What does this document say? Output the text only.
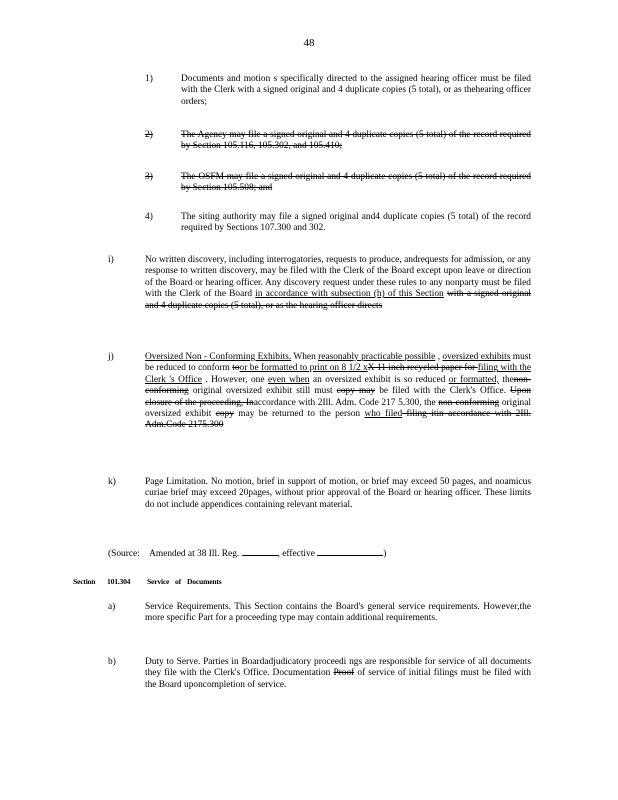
48
1)	Documents and motion s specifically directed to the assigned hearing officer must be filed with the Clerk with a signed original and 4 duplicate copies (5 total), or as thehearing officer orders;
2)	The Agency may file a signed original and 4 duplicate copies (5 total) of the record required by Section 105.116, 105.302, and 105.410;
3)	The OSFM may file a signed original and 4 duplicate copies (5 total) of the record required by Section 105.508; and
4)	The siting authority may file a signed original and4 duplicate copies (5 total) of the record required by Sections 107.300 and 302.
i)	No written discovery, including interrogatories, requests to produce, andrequests for admission, or any response to written discovery, may be filed with the Clerk of the Board except upon leave or direction of the Board or hearing officer. Any discovery request under these rules to any nonparty must be filed with the Clerk of the Board in accordance with subsection (h) of this Section with a signed original and 4 duplicate copies (5 total), or as the hearing officer directs
j)	Oversized Non - Conforming Exhibits. When reasonably practicable possible , oversized exhibits must be reduced to conform toor be formatted to print on 8 1/2 xX 11 inch recycled paper for filing with the Clerk 's Office . However, one even when an oversized exhibit is so reduced or formatted, thenon-conforming original oversized exhibit still must copy may be filed with the Clerk's Office. Upon closure of the proceeding, Inaccordance with 2Ill. Adm. Code 217 5.300, the non-conforming original oversized exhibit copy may be returned to the person who filed filing itin accordance with 2Ill. Adm.Code 2175.300
k)	Page Limitation. No motion, brief in support of motion, or brief may exceed 50 pages, and noamicus curiae brief may exceed 20pages, without prior approval of the Board or hearing officer. These limits do not include appendices containing relevant material.
(Source: Amended at 38 Ill. Reg.	, effective	)
Section 101.304 Service of Documents
a)	Service Requirements. This Section contains the Board's general service requirements. However,the more specific Part for a proceeding type may contain additional requirements.
b)	Duty to Serve. Parties in Boardadjudicatory proceedi ngs are responsible for service of all documents they file with the Clerk's Office. Documentation Proof of service of initial filings must be filed with the Board uponcompletion of service.
